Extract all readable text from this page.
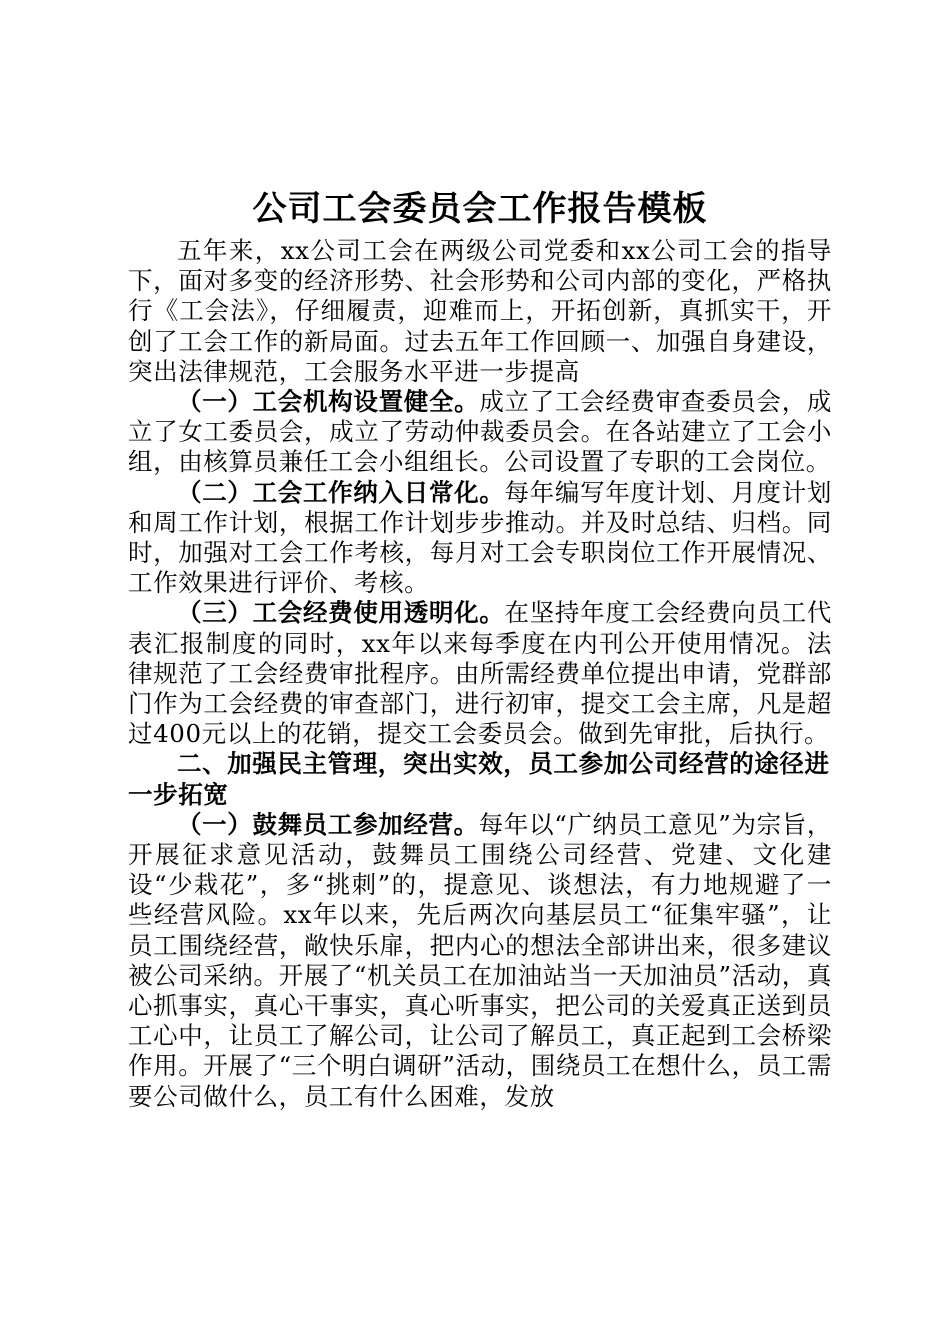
公司工会委员会工作报告模板

五年来，xx公司工会在两级公司党委和xx公司工会的指导下，面对多变的经济形势、社会形势和公司内部的变化，严格执行《工会法》，仔细履责，迎难而上，开拓创新，真抓实干，开创了工会工作的新局面。过去五年工作回顾一、加强自身建设，突出法律规范，工会服务水平进一步提高

（一）工会机构设置健全。成立了工会经费审查委员会，成立了女工委员会，成立了劳动仲裁委员会。在各站建立了工会小组，由核算员兼任工会小组组长。公司设置了专职的工会岗位。

（二）工会工作纳入日常化。每年编写年度计划、月度计划和周工作计划，根据工作计划步步推动。并及时总结、归档。同时，加强对工会工作考核，每月对工会专职岗位工作开展情况、工作效果进行评价、考核。

（三）工会经费使用透明化。在坚持年度工会经费向员工代表汇报制度的同时，xx年以来每季度在内刊公开使用情况。法律规范了工会经费审批程序。由所需经费单位提出申请，党群部门作为工会经费的审查部门，进行初审，提交工会主席，凡是超过400元以上的花销，提交工会委员会。做到先审批，后执行。

二、加强民主管理，突出实效，员工参加公司经营的途径进一步拓宽

（一）鼓舞员工参加经营。每年以“广纳员工意见”为宗旨，开展征求意见活动，鼓舞员工围绕公司经营、党建、文化建设“少栽花”，多“挑刺”的，提意见、谈想法，有力地规避了一些经营风险。xx年以来，先后两次向基层员工“征集牢骚”，让员工围绕经营，敞快乐扉，把内心的想法全部讲出来，很多建议被公司采纳。开展了“机关员工在加油站当一天加油员”活动，真心抓事实，真心干事实，真心听事实，把公司的关爱真正送到员工心中，让员工了解公司，让公司了解员工，真正起到工会桥梁作用。开展了“三个明白调研”活动，围绕员工在想什么，员工需要公司做什么，员工有什么困难，发放
